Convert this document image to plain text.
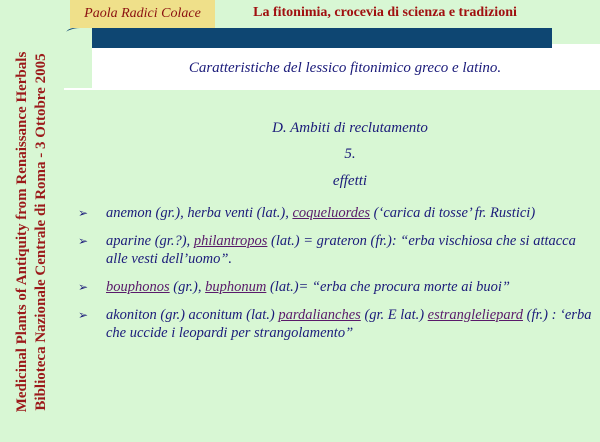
Paola Radici Colace	La fitonimia, crocevia di scienza e tradizioni
Medicinal Plants of Antiquity from Renaissance Herbals Biblioteca Nazionale Centrale di Roma - 3 Ottobre 2005	Caratteristiche del lessico fitonimico greco e latino.
D. Ambiti di reclutamento
5.
effetti
➢ anemon (gr.), herba venti (lat.), coqueluordes (‘carica di tosse’ fr. Rustici)
➢ aparine (gr.?), philantropos (lat.) = grateron (fr.): “erba vischiosa che si attacca alle vesti dell’uomo”.
➢ bouphonos (gr.), buphonum (lat.)= “erba che procura morte ai buoi”
➢ akoniton (gr.) aconitum (lat.) pardalianches (gr. E lat.) estrangleliepard (fr.) : ‘erba che uccide i leopardi per strangolamento”
